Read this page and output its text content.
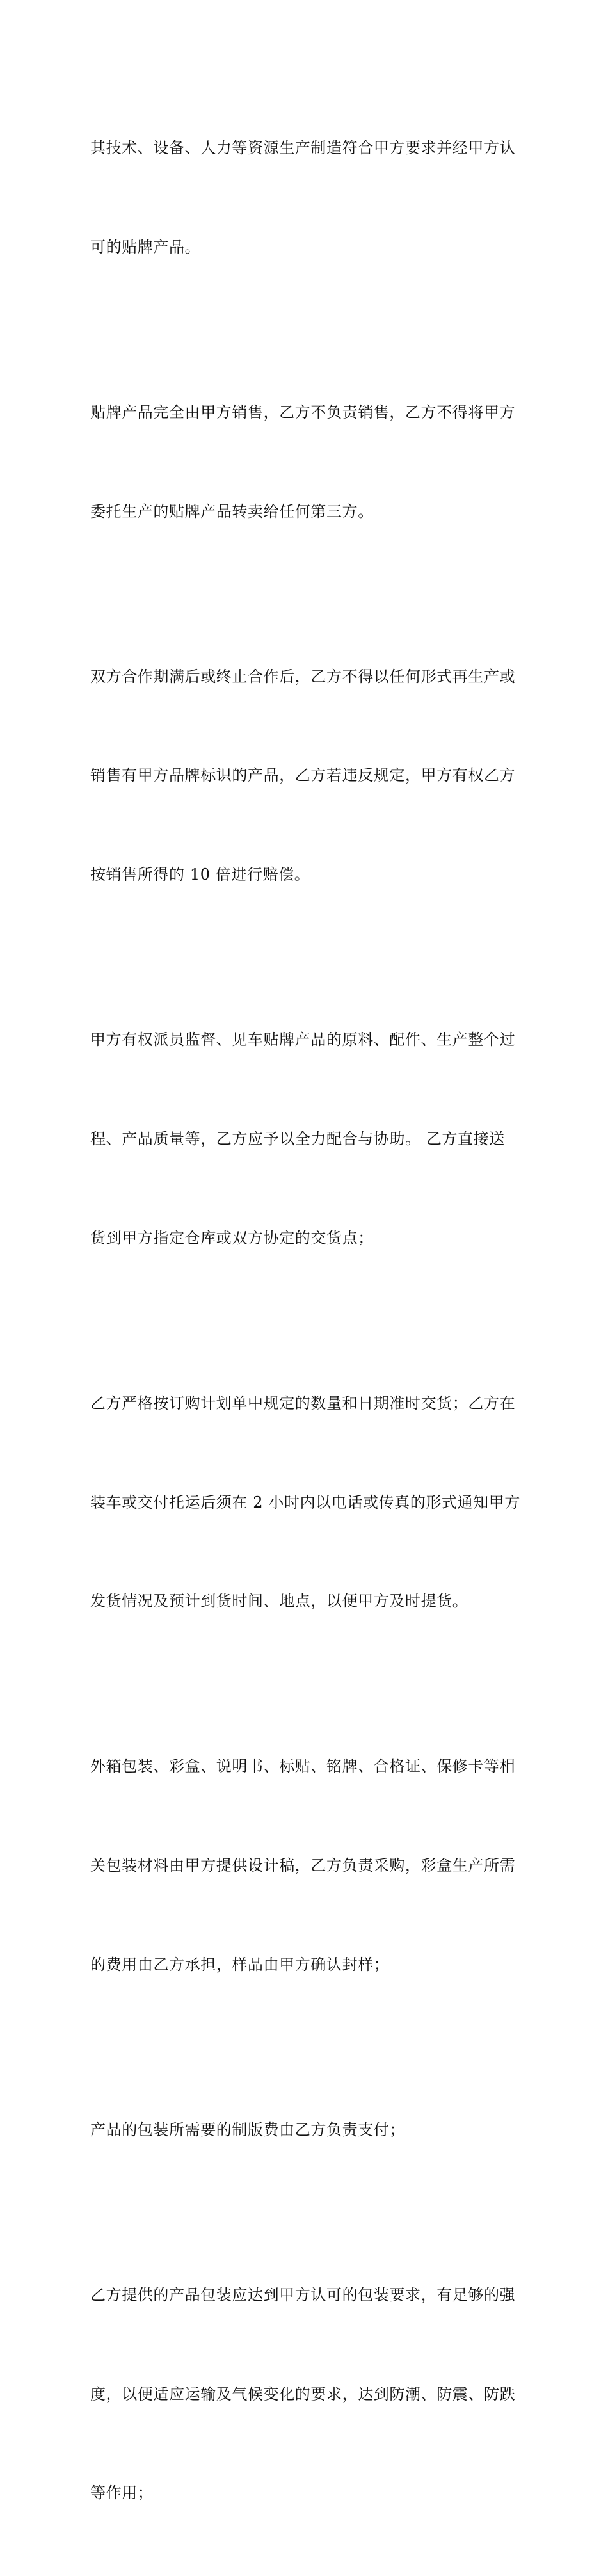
其技术、设备、人力等资源生产制造符合甲方要求并经甲方认

可的贴牌产品。

贴牌产品完全由甲方销售，乙方不负责销售，乙方不得将甲方

委托生产的贴牌产品转卖给任何第三方。

双方合作期满后或终止合作后，乙方不得以任何形式再生产或

销售有甲方品牌标识的产品，乙方若违反规定，甲方有权乙方

按销售所得的 10 倍进行赔偿。

甲方有权派员监督、见车贴牌产品的原料、配件、生产整个过

程、产品质量等，乙方应予以全力配合与协助。 乙方直接送

货到甲方指定仓库或双方协定的交货点；

乙方严格按订购计划单中规定的数量和日期准时交货；乙方在

装车或交付托运后须在 2 小时内以电话或传真的形式通知甲方

发货情况及预计到货时间、地点，以便甲方及时提货。

外箱包装、彩盒、说明书、标贴、铭牌、合格证、保修卡等相

关包装材料由甲方提供设计稿，乙方负责采购，彩盒生产所需

的费用由乙方承担，样品由甲方确认封样；

产品的包装所需要的制版费由乙方负责支付；

乙方提供的产品包装应达到甲方认可的包装要求，有足够的强

度，以便适应运输及气候变化的要求，达到防潮、防震、防跌

等作用；
